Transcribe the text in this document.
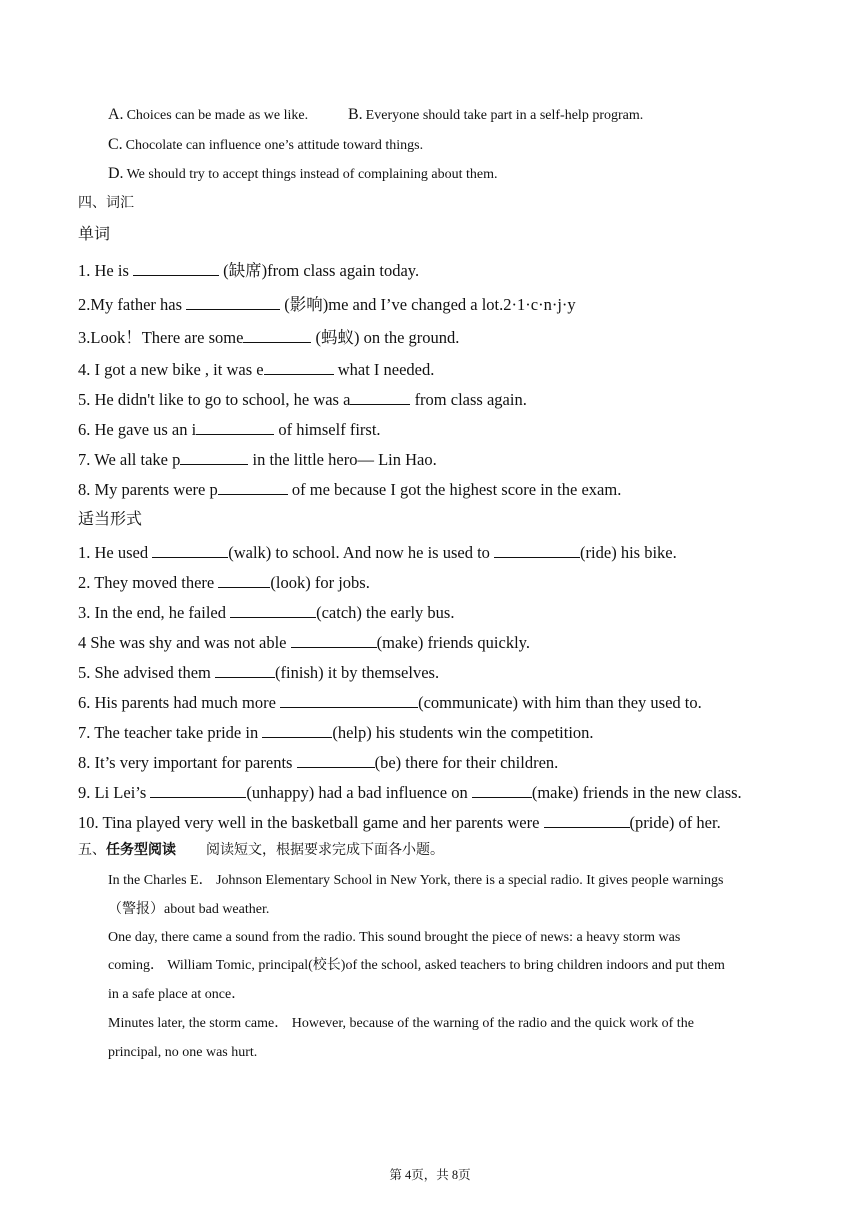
A. Choices can be made as we like. B. Everyone should take part in a self-help program.
C. Chocolate can influence one’s attitude toward things.
D. We should try to accept things instead of complaining about them.
四、词汇
单词
1. He is	(缺席)from class again today.
2.My father has	(影响)me and I’ve changed a lot.2·1·c·n·j·y
3.Look！There are some	(蚂蚁) on the ground.
4. I got a new bike , it was e	what I needed.
5. He didn't like to go to school, he was a	from class again.
6. He gave us an i	of himself first.
7. We all take p	in the little hero— Lin Hao.
8. My parents were p	of me because I got the highest score in the exam.
适当形式
1. He used	(walk) to school. And now he is used to	(ride) his bike.
2. They moved there	(look) for jobs.
3. In the end, he failed	(catch) the early bus.
4 She was shy and was not able	(make) friends quickly.
5. She advised them	(finish) it by themselves.
6. His parents had much more	(communicate) with him than they used to.
7. The teacher take pride in	(help) his students win the competition.
8. It’s very important for parents	(be) there for their children.
9. Li Lei’s	(unhappy) had a bad influence on	(make) friends in the new class.
10. Tina played very well in the basketball game and her parents were	(pride) of her.
五、任务型阅读 阅读短文，根据要求完成下面各小题。
In the Charles E． Johnson Elementary School in New York, there is a special radio. It gives people warnings
（警报）about bad weather.
One day, there came a sound from the radio. This sound brought the piece of news: a heavy storm was
coming． William Tomic, principal(校长)of the school, asked teachers to bring children indoors and put them
in a safe place at once．
Minutes later, the storm came． However, because of the warning of the radio and the quick work of the
principal, no one was hurt.
第 4页，共 8页
